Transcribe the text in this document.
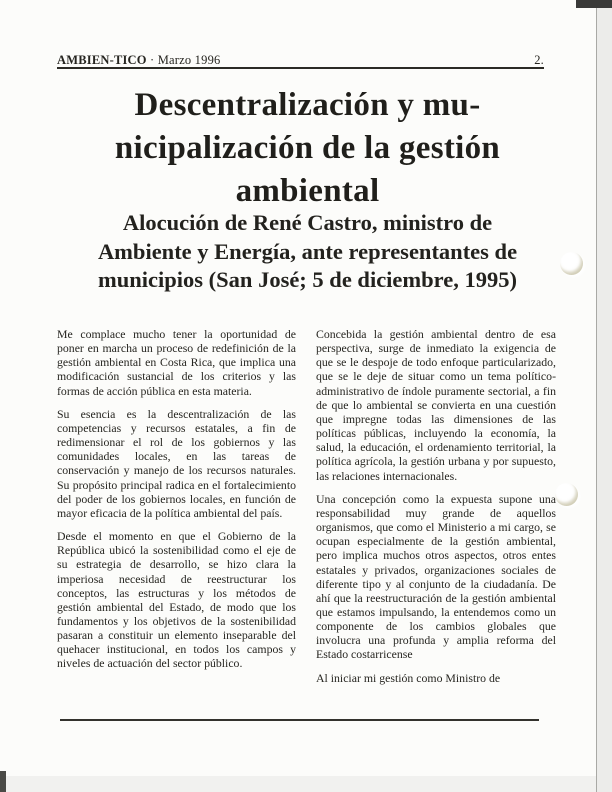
AMBIEN-TICO · Marzo 1996	2.
Descentralización y mu-
nicipalización de la gestión
ambiental
Alocución de René Castro, ministro de
Ambiente y Energía, ante representantes de
municipios (San José; 5 de diciembre, 1995)

Me complace mucho tener la oportunidad de poner en marcha un proceso de redefinición de la gestión ambiental en Costa Rica, que implica una modificación sustancial de los criterios y las formas de acción pública en esta materia.

Su esencia es la descentralización de las competencias y recursos estatales, a fin de redimensionar el rol de los gobiernos y las comunidades locales, en las tareas de conservación y manejo de los recursos naturales. Su propósito principal radica en el fortalecimiento del poder de los gobiernos locales, en función de mayor eficacia de la política ambiental del país.

Desde el momento en que el Gobierno de la República ubicó la sostenibilidad como el eje de su estrategia de desarrollo, se hizo clara la imperiosa necesidad de reestructurar los conceptos, las estructuras y los métodos de gestión ambiental del Estado, de modo que los fundamentos y los objetivos de la sostenibilidad pasaran a constituir un elemento inseparable del quehacer institucional, en todos los campos y niveles de actuación del sector público.

Concebida la gestión ambiental dentro de esa perspectiva, surge de inmediato la exigencia de que se le despoje de todo enfoque particularizado, que se le deje de situar como un tema político-administrativo de índole puramente sectorial, a fin de que lo ambiental se convierta en una cuestión que impregne todas las dimensiones de las políticas públicas, incluyendo la economía, la salud, la educación, el ordenamiento territorial, la política agrícola, la gestión urbana y por supuesto, las relaciones internacionales.

Una concepción como la expuesta supone una responsabilidad muy grande de aquellos organismos, que como el Ministerio a mi cargo, se ocupan especialmente de la gestión ambiental, pero implica muchos otros aspectos, otros entes estatales y privados, organizaciones sociales de diferente tipo y al conjunto de la ciudadanía. De ahí que la reestructuración de la gestión ambiental que estamos impulsando, la entendemos como un componente de los cambios globales que involucra una profunda y amplia reforma del Estado costarricense

Al iniciar mi gestión como Ministro de
